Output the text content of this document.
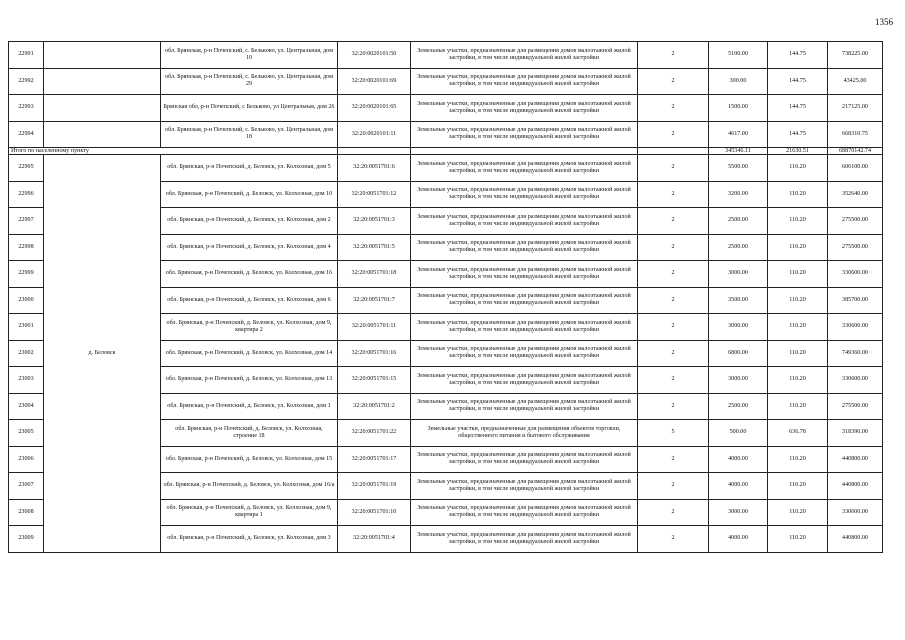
1356
22991		обл. Брянская, р-н Почепский, с. Бельково, ул. Центральная, дом 10	32:20:0020101:50	Земельные участки, предназначенные для размещения домов малоэтажной жилой застройки, в том числе индивидуальной жилой застройки	2	5100.00	144.75	738225.00
22992		обл. Брянская, р-н Почепский, с. Бельково, ул. Центральная, дом 29	32:20:0020101:69	Земельные участки, предназначенные для размещения домов малоэтажной жилой застройки, в том числе индивидуальной жилой застройки	2	300.00	144.75	43425.00
22993		Брянская обл, р-н Почепский, с Бельково, ул Центральная, дом 26	32:20:0020101:65	Земельные участки, предназначенные для размещения домов малоэтажной жилой застройки, в том числе индивидуальной жилой застройки	2	1500.00	144.75	217125.00
22994		обл. Брянская, р-н Почепский, с. Бельково, ул. Центральная, дом 18	32:20:0020101:11	Земельные участки, предназначенные для размещения домов малоэтажной жилой застройки, в том числе индивидуальной жилой застройки	2	4617.00	144.75	668310.75
Итого по населенному пункту						345346.11	21630.51	68870142.74
22995	д. Беловск	обл. Брянская, р-н Почепский, д. Беловск, ул. Колхозная, дом 5	32:20:0051701:6	Земельные участки, предназначенные для размещения домов малоэтажной жилой застройки, в том числе индивидуальной жилой застройки	2	5500.00	110.20	606100.00
22996		обл. Брянская, р-н Почепский, д. Беловск, ул. Колхозная, дом 10	32:20:0051701:12	Земельные участки, предназначенные для размещения домов малоэтажной жилой застройки, в том числе индивидуальной жилой застройки	2	3200.00	110.20	352640.00
22997		обл. Брянская, р-н Почепский, д. Беловск, ул. Колхозная, дом 2	32:20:0051701:3	Земельные участки, предназначенные для размещения домов малоэтажной жилой застройки, в том числе индивидуальной жилой застройки	2	2500.00	110.20	275500.00
22998		обл. Брянская, р-н Почепский, д. Беловск, ул. Колхозная, дом 4	32:20:0051701:5	Земельные участки, предназначенные для размещения домов малоэтажной жилой застройки, в том числе индивидуальной жилой застройки	2	2500.00	110.20	275500.00
22999		обл. Брянская, р-н Почепский, д. Беловск, ул. Колхозная, дом 16	32:20:0051701:18	Земельные участки, предназначенные для размещения домов малоэтажной жилой застройки, в том числе индивидуальной жилой застройки	2	3000.00	110.20	330600.00
23000		обл. Брянская, р-н Почепский, д. Беловск, ул. Колхозная, дом 6	32:20:0051701:7	Земельные участки, предназначенные для размещения домов малоэтажной жилой застройки, в том числе индивидуальной жилой застройки	2	3500.00	110.20	385700.00
23001		обл. Брянская, р-н Почепский, д. Беловск, ул. Колхозная, дом 9, квартира 2	32:20:0051701:11	Земельные участки, предназначенные для размещения домов малоэтажной жилой застройки, в том числе индивидуальной жилой застройки	2	3000.00	110.20	330600.00
23002		обл. Брянская, р-н Почепский, д. Беловск, ул. Колхозная, дом 14	32:20:0051701:16	Земельные участки, предназначенные для размещения домов малоэтажной жилой застройки, в том числе индивидуальной жилой застройки	2	6800.00	110.20	749360.00
23003		обл. Брянская, р-н Почепский, д. Беловск, ул. Колхозная, дом 13	32:20:0051701:15	Земельные участки, предназначенные для размещения домов малоэтажной жилой застройки, в том числе индивидуальной жилой застройки	2	3000.00	110.20	330600.00
23004		обл. Брянская, р-н Почепский, д. Беловск, ул. Колхозная, дом 1	32:20:0051701:2	Земельные участки, предназначенные для размещения домов малоэтажной жилой застройки, в том числе индивидуальной жилой застройки	2	2500.00	110.20	275500.00
23005		обл. Брянская, р-н Почепский, д. Беловск, ул. Колхозная, строение 18	32:20:0051701:22	Земельные участки, предназначенные для размещения объектов торговли, общественного питания и бытового обслуживания	5	500.00	636.78	318390.00
23006		обл. Брянская, р-н Почепский, д. Беловск, ул. Колхозная, дом 15	32:20:0051701:17	Земельные участки, предназначенные для размещения домов малоэтажной жилой застройки, в том числе индивидуальной жилой застройки	2	4000.00	110.20	440800.00
23007		обл. Брянская, р-н Почепский, д. Беловск, ул. Колхозная, дом 16/а	32:20:0051701:19	Земельные участки, предназначенные для размещения домов малоэтажной жилой застройки, в том числе индивидуальной жилой застройки	2	4000.00	110.20	440800.00
23008		обл. Брянская, р-н Почепский, д. Беловск, ул. Колхозная, дом 9, квартира 1	32:20:0051701:10	Земельные участки, предназначенные для размещения домов малоэтажной жилой застройки, в том числе индивидуальной жилой застройки	2	3000.00	110.20	330600.00
23009		обл. Брянская, р-н Почепский, д. Беловск, ул. Колхозная, дом 3	32:20:0051701:4	Земельные участки, предназначенные для размещения домов малоэтажной жилой застройки, в том числе индивидуальной жилой застройки	2	4000.00	110.20	440800.00
